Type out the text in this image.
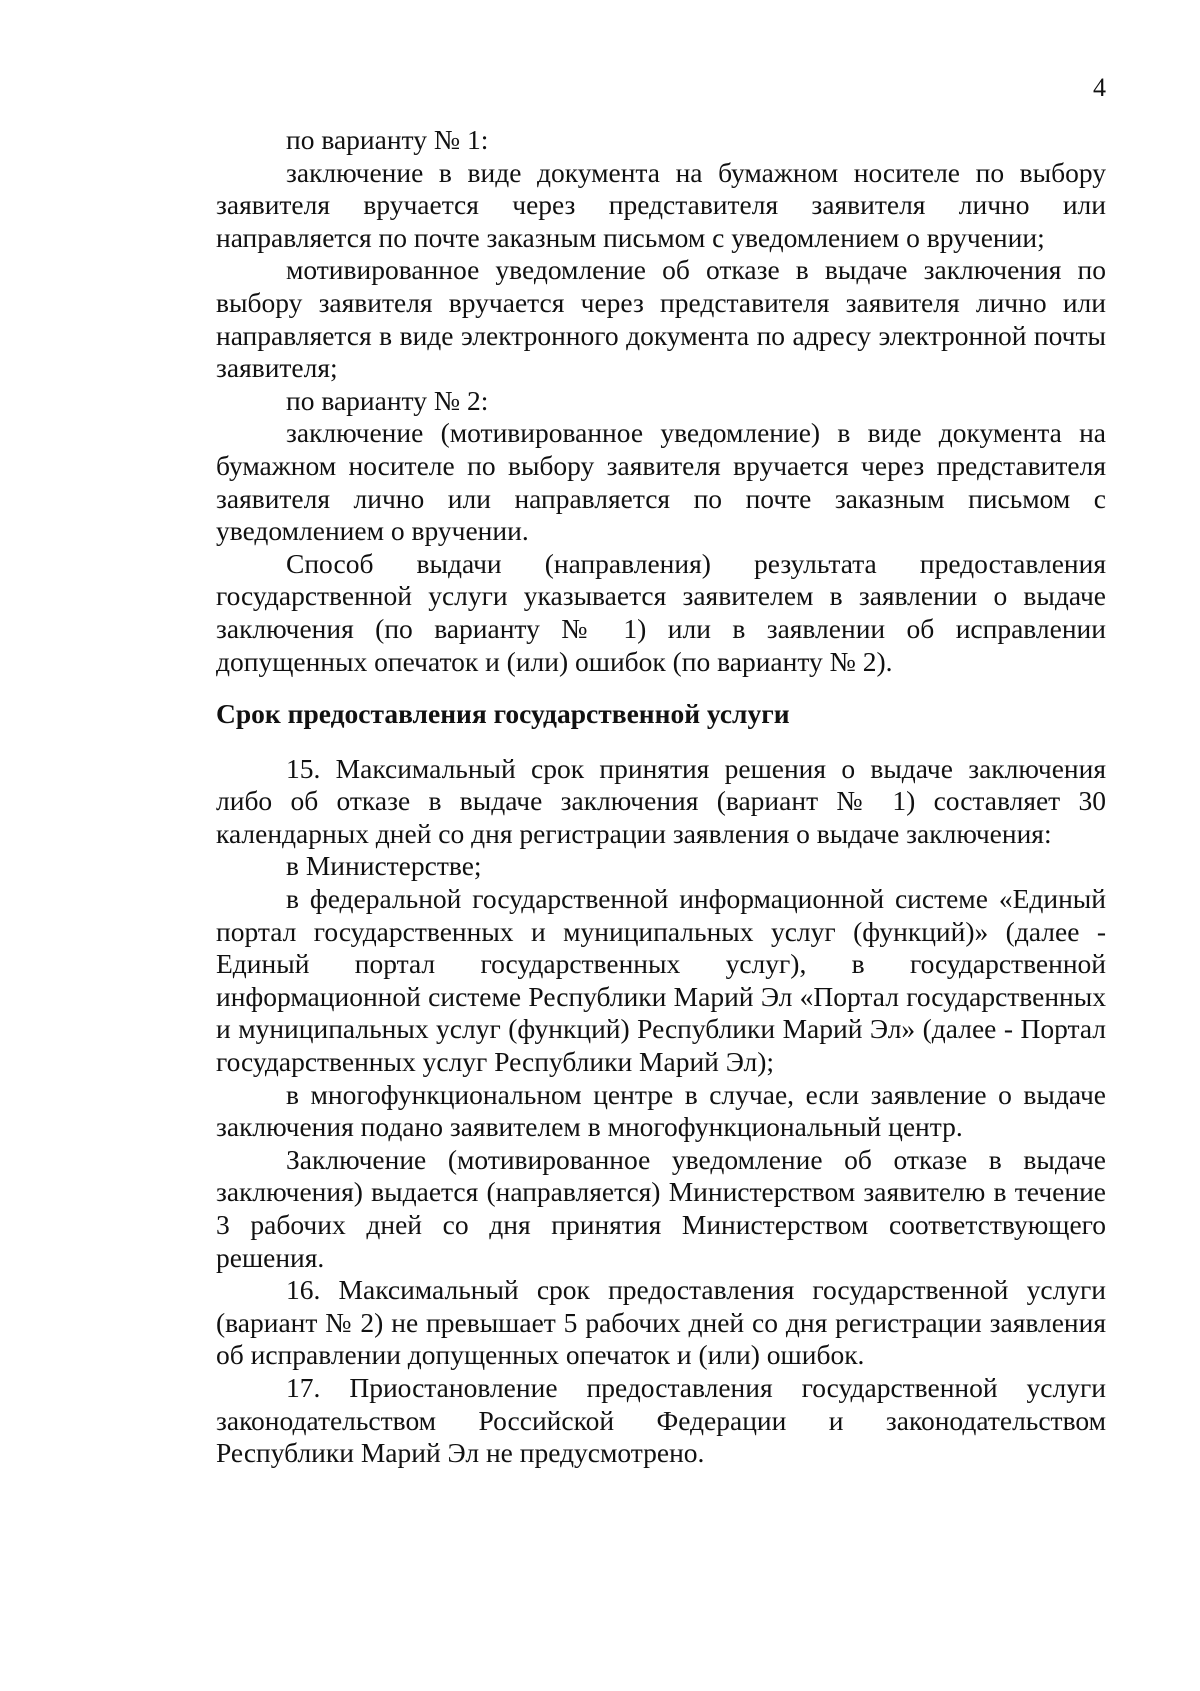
4

по варианту № 1:

заключение в виде документа на бумажном носителе по выбору заявителя вручается через представителя заявителя лично или направляется по почте заказным письмом с уведомлением о вручении;

мотивированное уведомление об отказе в выдаче заключения по выбору заявителя вручается через представителя заявителя лично или направляется в виде электронного документа по адресу электронной почты заявителя;

по варианту № 2:

заключение (мотивированное уведомление) в виде документа на бумажном носителе по выбору заявителя вручается через представителя заявителя лично или направляется по почте заказным письмом с уведомлением о вручении.

Способ выдачи (направления) результата предоставления государственной услуги указывается заявителем в заявлении о выдаче заключения (по варианту № 1) или в заявлении об исправлении допущенных опечаток и (или) ошибок (по варианту № 2).

Срок предоставления государственной услуги

15. Максимальный срок принятия решения о выдаче заключения либо об отказе в выдаче заключения (вариант № 1) составляет 30 календарных дней со дня регистрации заявления о выдаче заключения:

в Министерстве;

в федеральной государственной информационной системе «Единый портал государственных и муниципальных услуг (функций)» (далее - Единый портал государственных услуг), в государственной информационной системе Республики Марий Эл «Портал государственных и муниципальных услуг (функций) Республики Марий Эл» (далее - Портал государственных услуг Республики Марий Эл);

в многофункциональном центре в случае, если заявление о выдаче заключения подано заявителем в многофункциональный центр.

Заключение (мотивированное уведомление об отказе в выдаче заключения) выдается (направляется) Министерством заявителю в течение 3 рабочих дней со дня принятия Министерством соответствующего решения.

16. Максимальный срок предоставления государственной услуги (вариант № 2) не превышает 5 рабочих дней со дня регистрации заявления об исправлении допущенных опечаток и (или) ошибок.

17. Приостановление предоставления государственной услуги законодательством Российской Федерации и законодательством Республики Марий Эл не предусмотрено.
